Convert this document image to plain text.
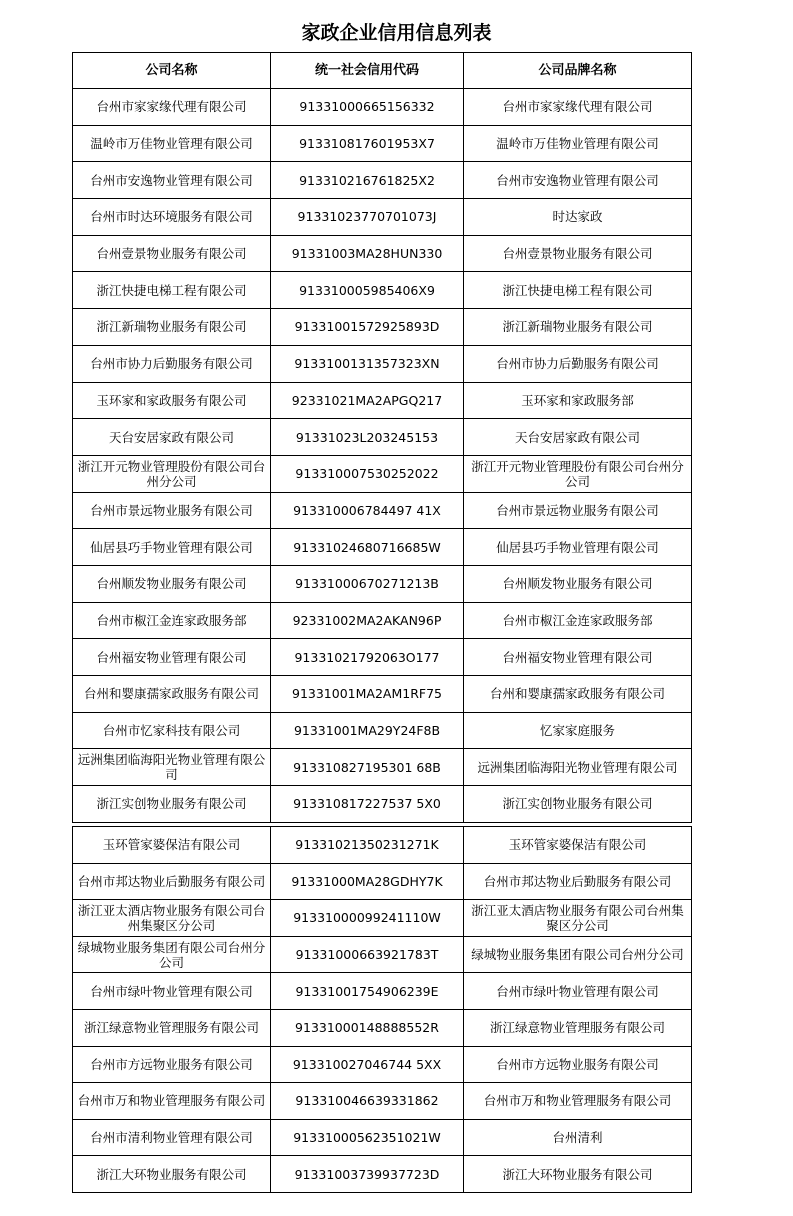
家政企业信用信息列表
公司名称	统一社会信用代码	公司品牌名称
台州市家家缘代理有限公司	91331000665156332	台州市家家缘代理有限公司
温岭市万佳物业管理有限公司	913310817601953X7	温岭市万佳物业管理有限公司
台州市安逸物业管理有限公司	913310216761825X2	台州市安逸物业管理有限公司
台州市时达环境服务有限公司	91331023770701073J	时达家政
台州壹景物业服务有限公司	91331003MA28HUN330	台州壹景物业服务有限公司
浙江快捷电梯工程有限公司	913310005985406X9	浙江快捷电梯工程有限公司
浙江新瑞物业服务有限公司	91331001572925893D	浙江新瑞物业服务有限公司
台州市协力后勤服务有限公司	9133100131357323XN	台州市协力后勤服务有限公司
玉环家和家政服务有限公司	92331021MA2APGQ217	玉环家和家政服务部
天台安居家政有限公司	91331023L203245153	天台安居家政有限公司
浙江开元物业管理股份有限公司台州分公司	913310007530252022	浙江开元物业管理股份有限公司台州分公司
台州市景远物业服务有限公司	913310006784497 41X	台州市景远物业服务有限公司
仙居县巧手物业管理有限公司	91331024680716685W	仙居县巧手物业管理有限公司
台州顺发物业服务有限公司	91331000670271213B	台州顺发物业服务有限公司
台州市椒江金连家政服务部	92331002MA2AKAN96P	台州市椒江金连家政服务部
台州福安物业管理有限公司	91331021792063O177	台州福安物业管理有限公司
台州和婴康孺家政服务有限公司	91331001MA2AM1RF75	台州和婴康孺家政服务有限公司
台州市忆家科技有限公司	91331001MA29Y24F8B	忆家家庭服务
远洲集团临海阳光物业管理有限公司	913310827195301 68B	远洲集团临海阳光物业管理有限公司
浙江实创物业服务有限公司	913310817227537 5X0	浙江实创物业服务有限公司
玉环管家婆保洁有限公司	91331021350231271K	玉环管家婆保洁有限公司
台州市邦达物业后勤服务有限公司	91331000MA28GDHY7K	台州市邦达物业后勤服务有限公司
浙江亚太酒店物业服务有限公司台州集聚区分公司	91331000099241110W	浙江亚太酒店物业服务有限公司台州集聚区分公司
绿城物业服务集团有限公司台州分公司	91331000663921783T	绿城物业服务集团有限公司台州分公司
台州市绿叶物业管理有限公司	91331001754906239E	台州市绿叶物业管理有限公司
浙江绿意物业管理服务有限公司	91331000148888552R	浙江绿意物业管理服务有限公司
台州市方远物业服务有限公司	913310027046744 5XX	台州市方远物业服务有限公司
台州市万和物业管理服务有限公司	913310046639331862	台州市万和物业管理服务有限公司
台州市清利物业管理有限公司	91331000562351021W	台州清利
浙江大环物业服务有限公司	91331003739937723D	浙江大环物业服务有限公司
